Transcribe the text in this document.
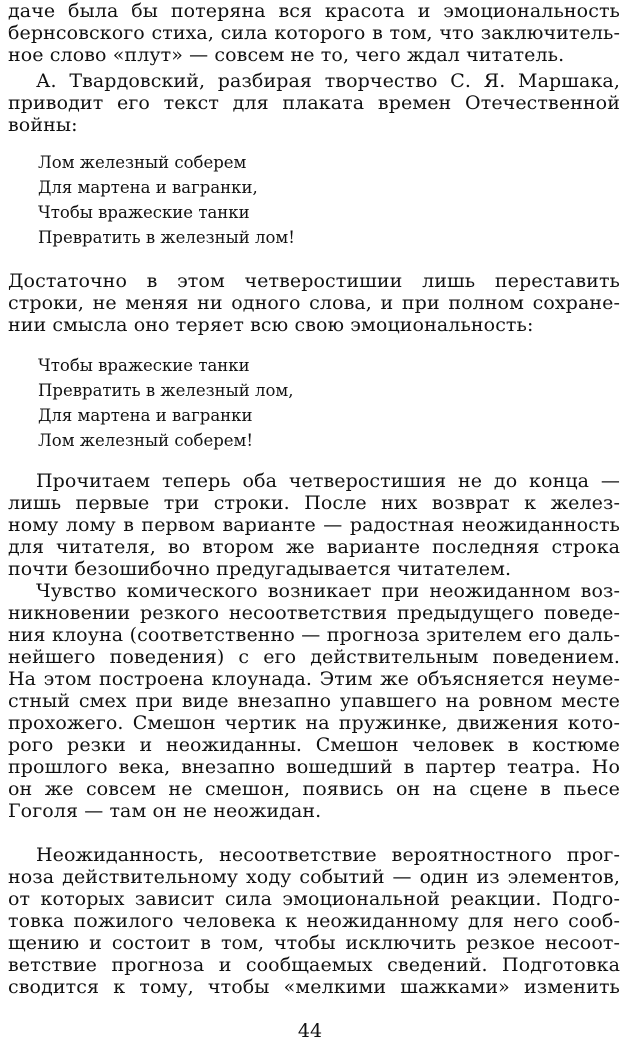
даче была бы потеряна вся красота и эмоциональность
бернсовского стиха, сила которого в том, что заключитель-
ное слово «плут» — совсем не то, чего ждал читатель.
А. Твардовский, разбирая творчество С. Я. Маршака,
приводит его текст для плаката времен Отечественной
войны:
Лом железный соберем
Для мартена и вагранки,
Чтобы вражеские танки
Превратить в железный лом!
Достаточно в этом четверостишии лишь переставить
строки, не меняя ни одного слова, и при полном сохране-
нии смысла оно теряет всю свою эмоциональность:
Чтобы вражеские танки
Превратить в железный лом,
Для мартена и вагранки
Лом железный соберем!
Прочитаем теперь оба четверостишия не до конца —
лишь первые три строки. После них возврат к желез-
ному лому в первом варианте — радостная неожиданность
для читателя, во втором же варианте последняя строка
почти безошибочно предугадывается читателем.
Чувство комического возникает при неожиданном воз-
никновении резкого несоответствия предыдущего поведе-
ния клоуна (соответственно — прогноза зрителем его даль-
нейшего поведения) с его действительным поведением.
На этом построена клоунада. Этим же объясняется неуме-
стный смех при виде внезапно упавшего на ровном месте
прохожего. Смешон чертик на пружинке, движения кото-
рого резки и неожиданны. Смешон человек в костюме
прошлого века, внезапно вошедший в партер театра. Но
он же совсем не смешон, появись он на сцене в пьесе
Гоголя — там он не неожидан.
Неожиданность, несоответствие вероятностного прог-
ноза действительному ходу событий — один из элементов,
от которых зависит сила эмоциональной реакции. Подго-
товка пожилого человека к неожиданному для него сооб-
щению и состоит в том, чтобы исключить резкое несоот-
ветствие прогноза и сообщаемых сведений. Подготовка
сводится к тому, чтобы «мелкими шажками» изменить
44
